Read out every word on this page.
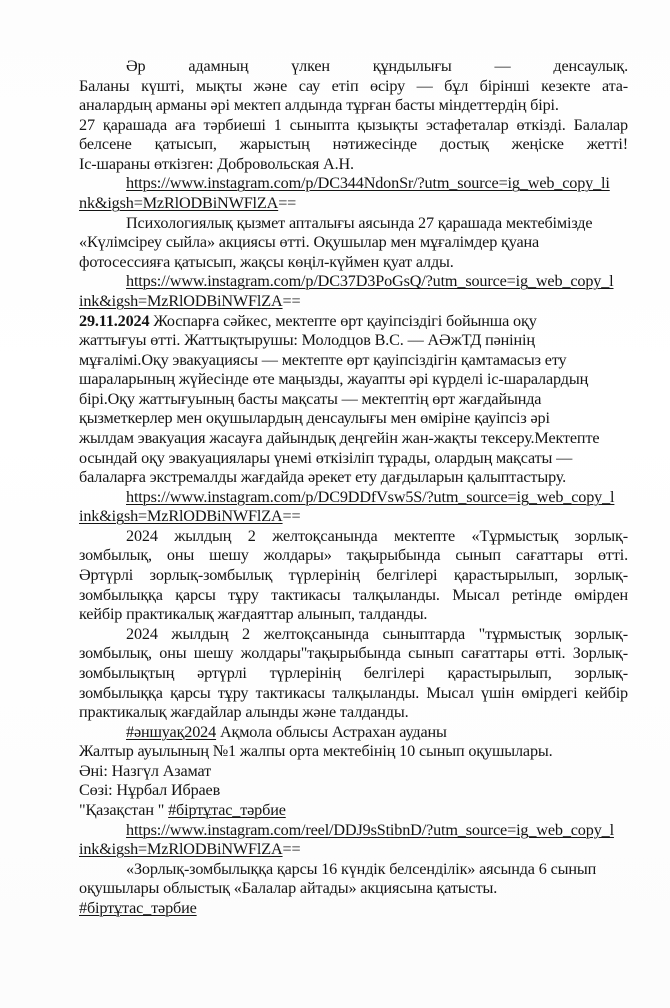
Әр адамның үлкен құндылығы — денсаулық.
Баланы күшті, мықты және сау етіп өсіру — бұл бірінші кезекте ата-
аналардың арманы әрі мектеп алдында тұрған басты міндеттердің бірі.
27 қарашада аға тәрбиеші 1 сыныпта қызықты эстафеталар өткізді. Балалар
белсене қатысып, жарыстың нәтижесінде достық жеңіске жетті!
Іс-шараны өткізген: Добровольская А.Н.
https://www.instagram.com/p/DC344NdonSr/?utm_source=ig_web_copy_li
nk&igsh=MzRlODBiNWFlZA==
Психологиялық қызмет апталығы аясында 27 қарашада мектебімізде
«Күлімсіреу сыйла» акциясы өтті. Оқушылар мен мұғалімдер қуана
фотосессияға қатысып, жақсы көңіл-күймен қуат алды.
https://www.instagram.com/p/DC37D3PoGsQ/?utm_source=ig_web_copy_l
ink&igsh=MzRlODBiNWFlZA==
29.11.2024 Жоспарға сәйкес, мектепте өрт қауіпсіздігі бойынша оқу
жаттығуы өтті. Жаттықтырушы: Молодцов В.С. — АӘжТД пәнінің
мұғалімі.Оқу эвакуациясы — мектепте өрт қауіпсіздігін қамтамасыз ету
шараларының жүйесінде өте маңызды, жауапты әрі күрделі іс-шаралардың
бірі.Оқу жаттығуының басты мақсаты — мектептің өрт жағдайында
қызметкерлер мен оқушылардың денсаулығы мен өміріне қауіпсіз әрі
жылдам эвакуация жасауға дайындық деңгейін жан-жақты тексеру.Мектепте
осындай оқу эвакуациялары үнемі өткізіліп тұрады, олардың мақсаты —
балаларға экстремалды жағдайда әрекет ету дағдыларын қалыптастыру.
https://www.instagram.com/p/DC9DDfVsw5S/?utm_source=ig_web_copy_l
ink&igsh=MzRlODBiNWFlZA==
2024 жылдың 2 желтоқсанында мектепте «Тұрмыстық зорлық-
зомбылық, оны шешу жолдары» тақырыбында сынып сағаттары өтті.
Әртүрлі зорлық-зомбылық түрлерінің белгілері қарастырылып, зорлық-
зомбылыққа қарсы тұру тактикасы талқыланды. Мысал ретінде өмірден
кейбір практикалық жағдаяттар алынып, талданды.
2024 жылдың 2 желтоқсанында сыныптарда "тұрмыстық зорлық-
зомбылық, оны шешу жолдары"тақырыбында сынып сағаттары өтті. Зорлық-
зомбылықтың әртүрлі түрлерінің белгілері қарастырылып, зорлық-
зомбылыққа қарсы тұру тактикасы талқыланды. Мысал үшін өмірдегі кейбір
практикалық жағдайлар алынды және талданды.
#әншуақ2024 Ақмола облысы Астрахан ауданы
Жалтыр ауылының №1 жалпы орта мектебінің 10 сынып оқушылары.
Әні: Назгүл Азамат
Сөзі: Нұрбал Ибраев
"Қазақстан " #біртұтас_тәрбие
https://www.instagram.com/reel/DDJ9sStibnD/?utm_source=ig_web_copy_l
ink&igsh=MzRlODBiNWFlZA==
«Зорлық-зомбылыққа қарсы 16 күндік белсенділік» аясында 6 сынып
оқушылары облыстық «Балалар айтады» акциясына қатысты.
#біртұтас_тәрбие
